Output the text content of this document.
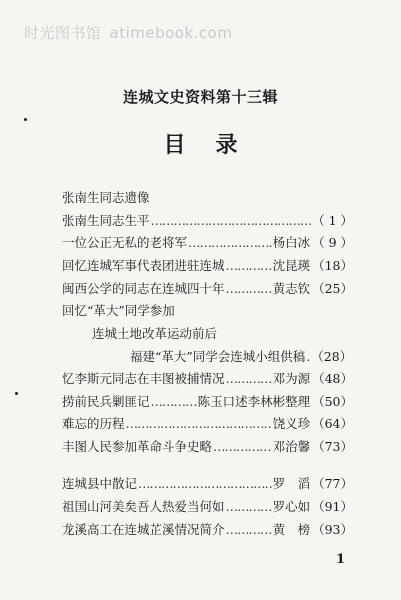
时光图书馆 atimebook.com
连城文史资料第十三辑
目录
张南生同志遗像
张南生同志生平 ……………………………………………………………………………………………………	（ 1 ）
一位公正无私的老将军 ……………………………………………………………………………………………………	杨白冰 （ 9 ）
回忆连城军事代表团进驻连城 ……………………………………………………………………………………………………	沈昆瑛 （18）
闽西公学的同志在连城四十年 ……………………………………………………………………………………………………	黄志钦 （25）
回忆“革大”同学参加
连城土地改革运动前后
福建“革大”同学会连城小组供稿 …………………………………………………………………………………………………… （28）
忆李斯元同志在丰图被捕情况 ……………………………………………………………………………………………………	邓为源 （48）
捞前民兵剿匪记 ……………………………………………………………………………………………………	陈玉口述李林彬整理 （50）
难忘的历程 ……………………………………………………………………………………………………	饶义珍 （64）
丰图人民参加革命斗争史略 ……………………………………………………………………………………………………	邓治馨 （73）
连城县中散记 ……………………………………………………………………………………………………	罗　滔 （77）
祖国山河美矣吾人热爱当何如 ……………………………………………………………………………………………………	罗心如 （91）
龙溪高工在连城芷溪情况简介 ……………………………………………………………………………………………………	黄　榜 （93）
1
